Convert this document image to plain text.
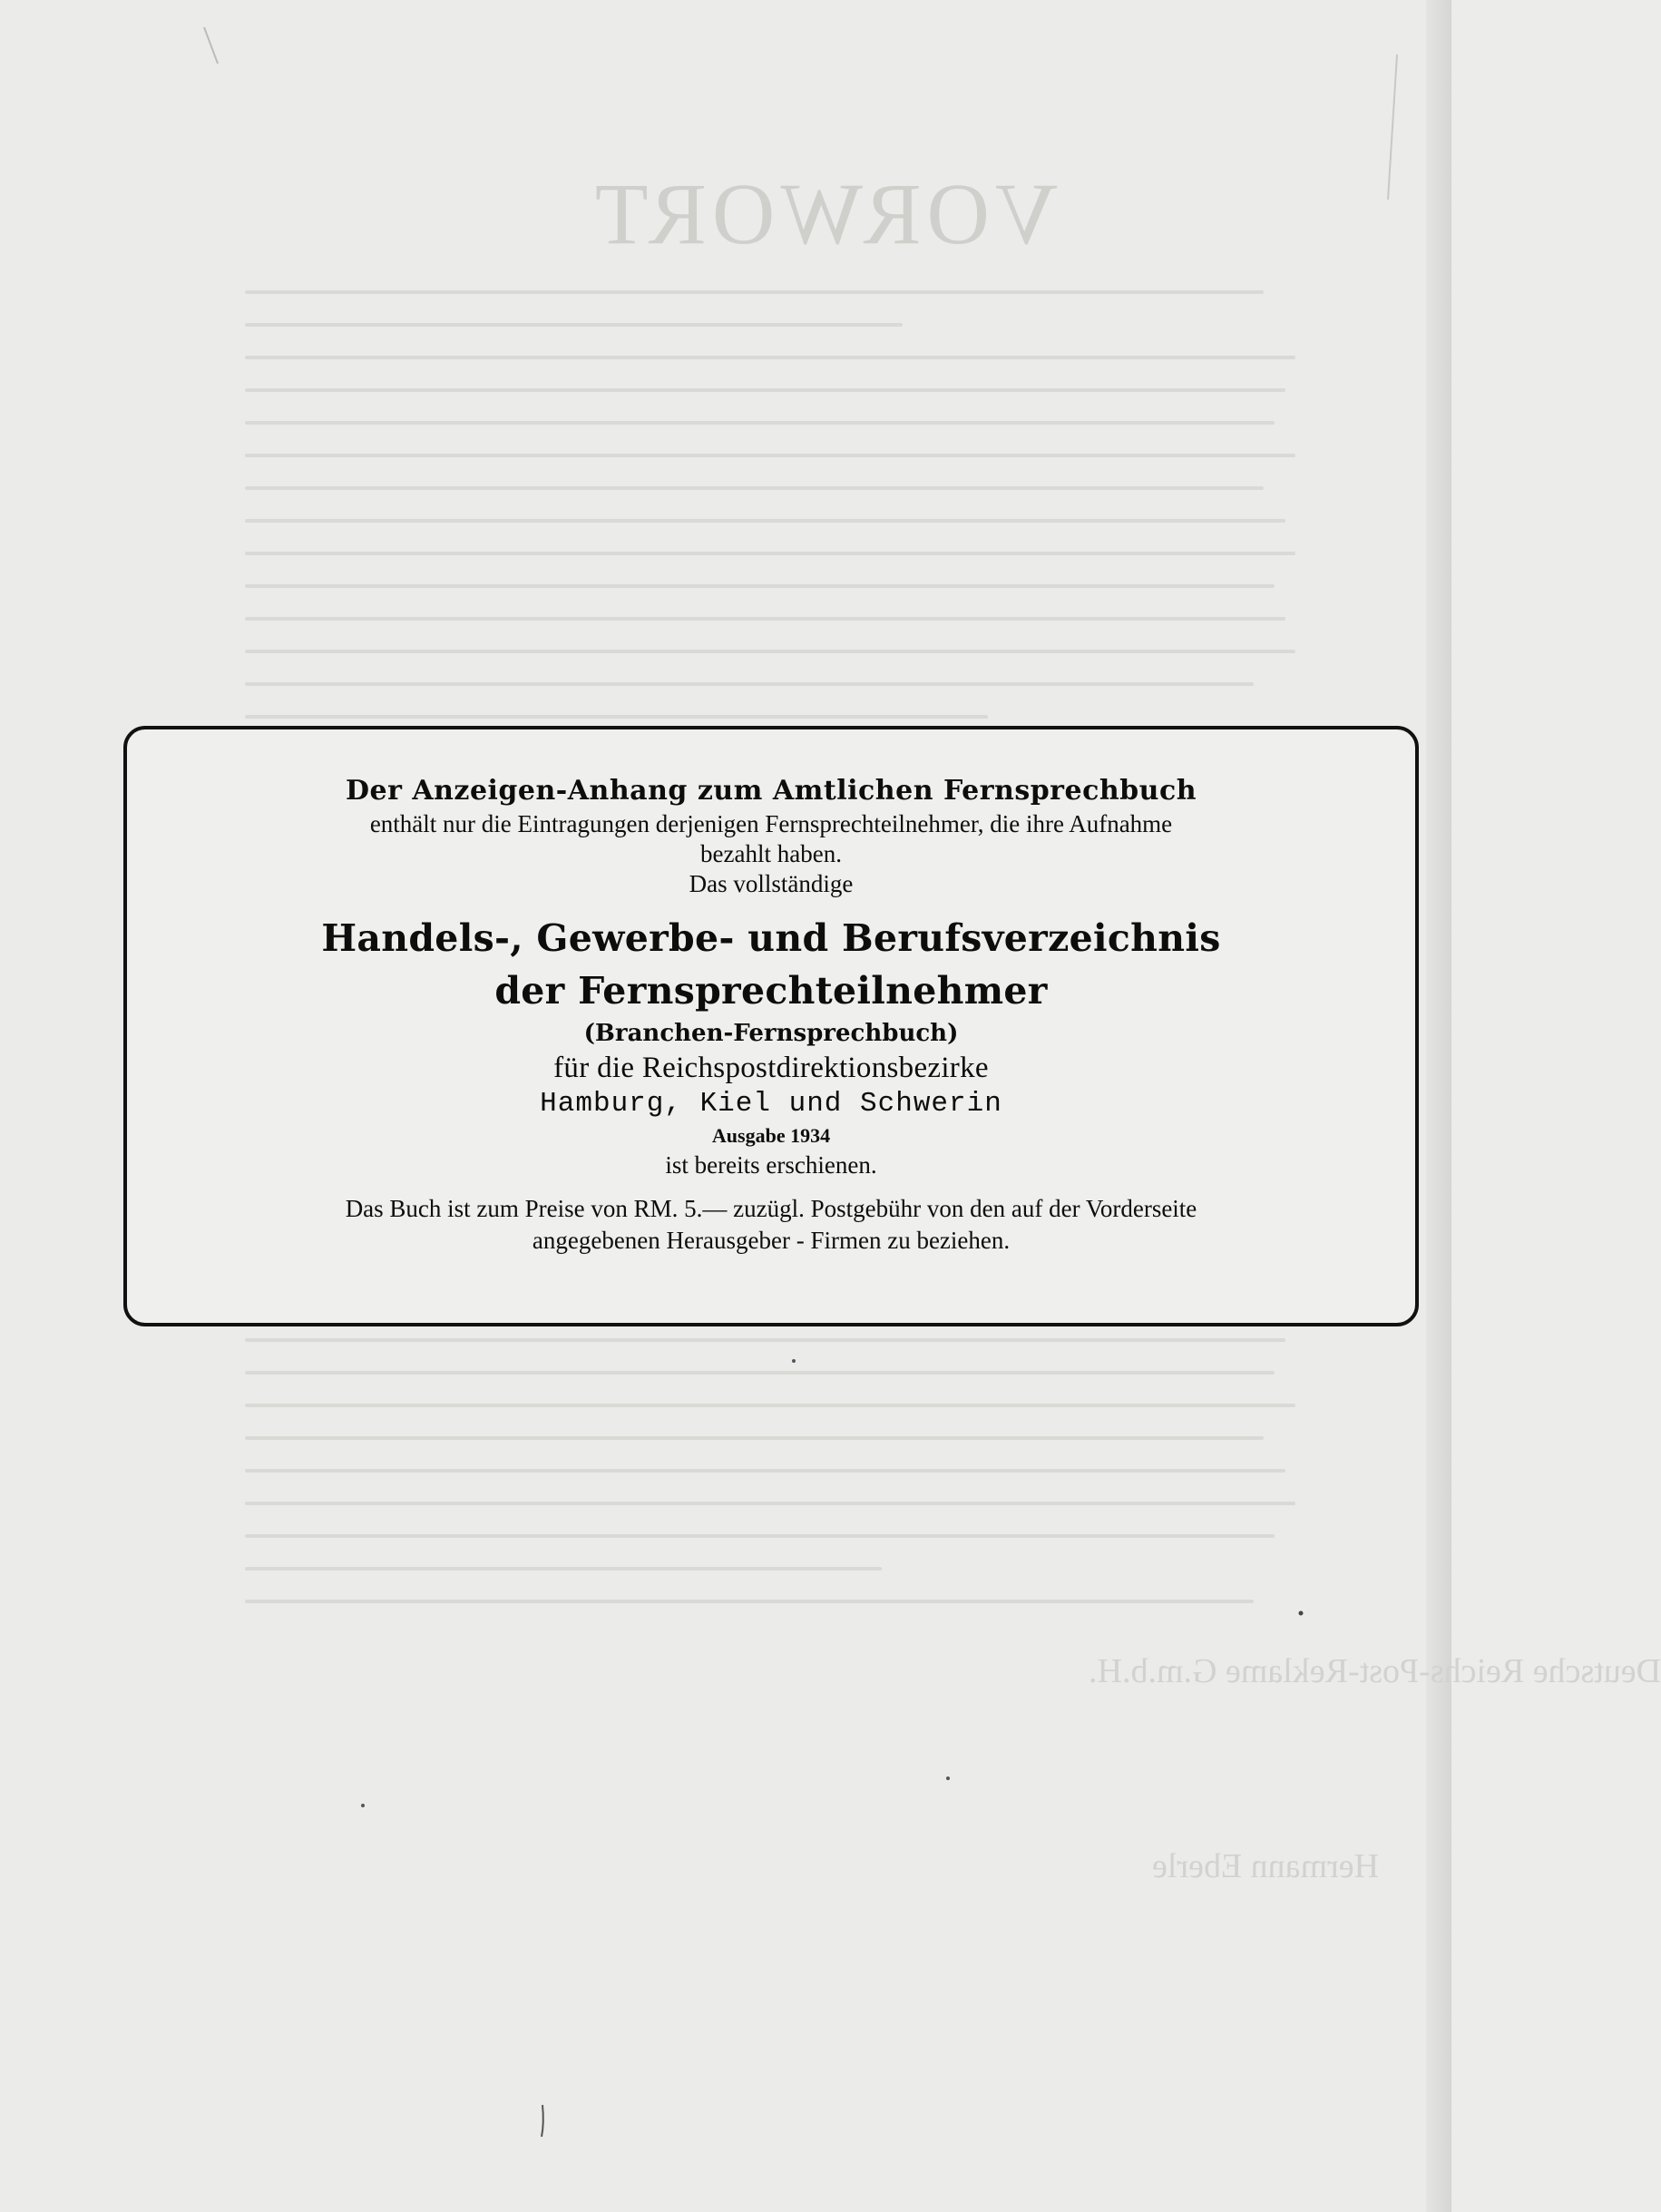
VORWORT
Deutsche Reichs-Post-Reklame G.m.b.H.
Hermann Eberle
Der Anzeigen-Anhang zum Amtlichen Fernsprechbuch
enthält nur die Eintragungen derjenigen Fernsprechteilnehmer, die ihre Aufnahme
bezahlt haben.
Das vollständige
Handels-, Gewerbe- und Berufsverzeichnis
der Fernsprechteilnehmer
(Branchen-Fernsprechbuch)
für die Reichspostdirektionsbezirke
Hamburg, Kiel und Schwerin
Ausgabe 1934
ist bereits erschienen.
Das Buch ist zum Preise von RM. 5.— zuzügl. Postgebühr von den auf der Vorderseite
angegebenen Herausgeber - Firmen zu beziehen.
